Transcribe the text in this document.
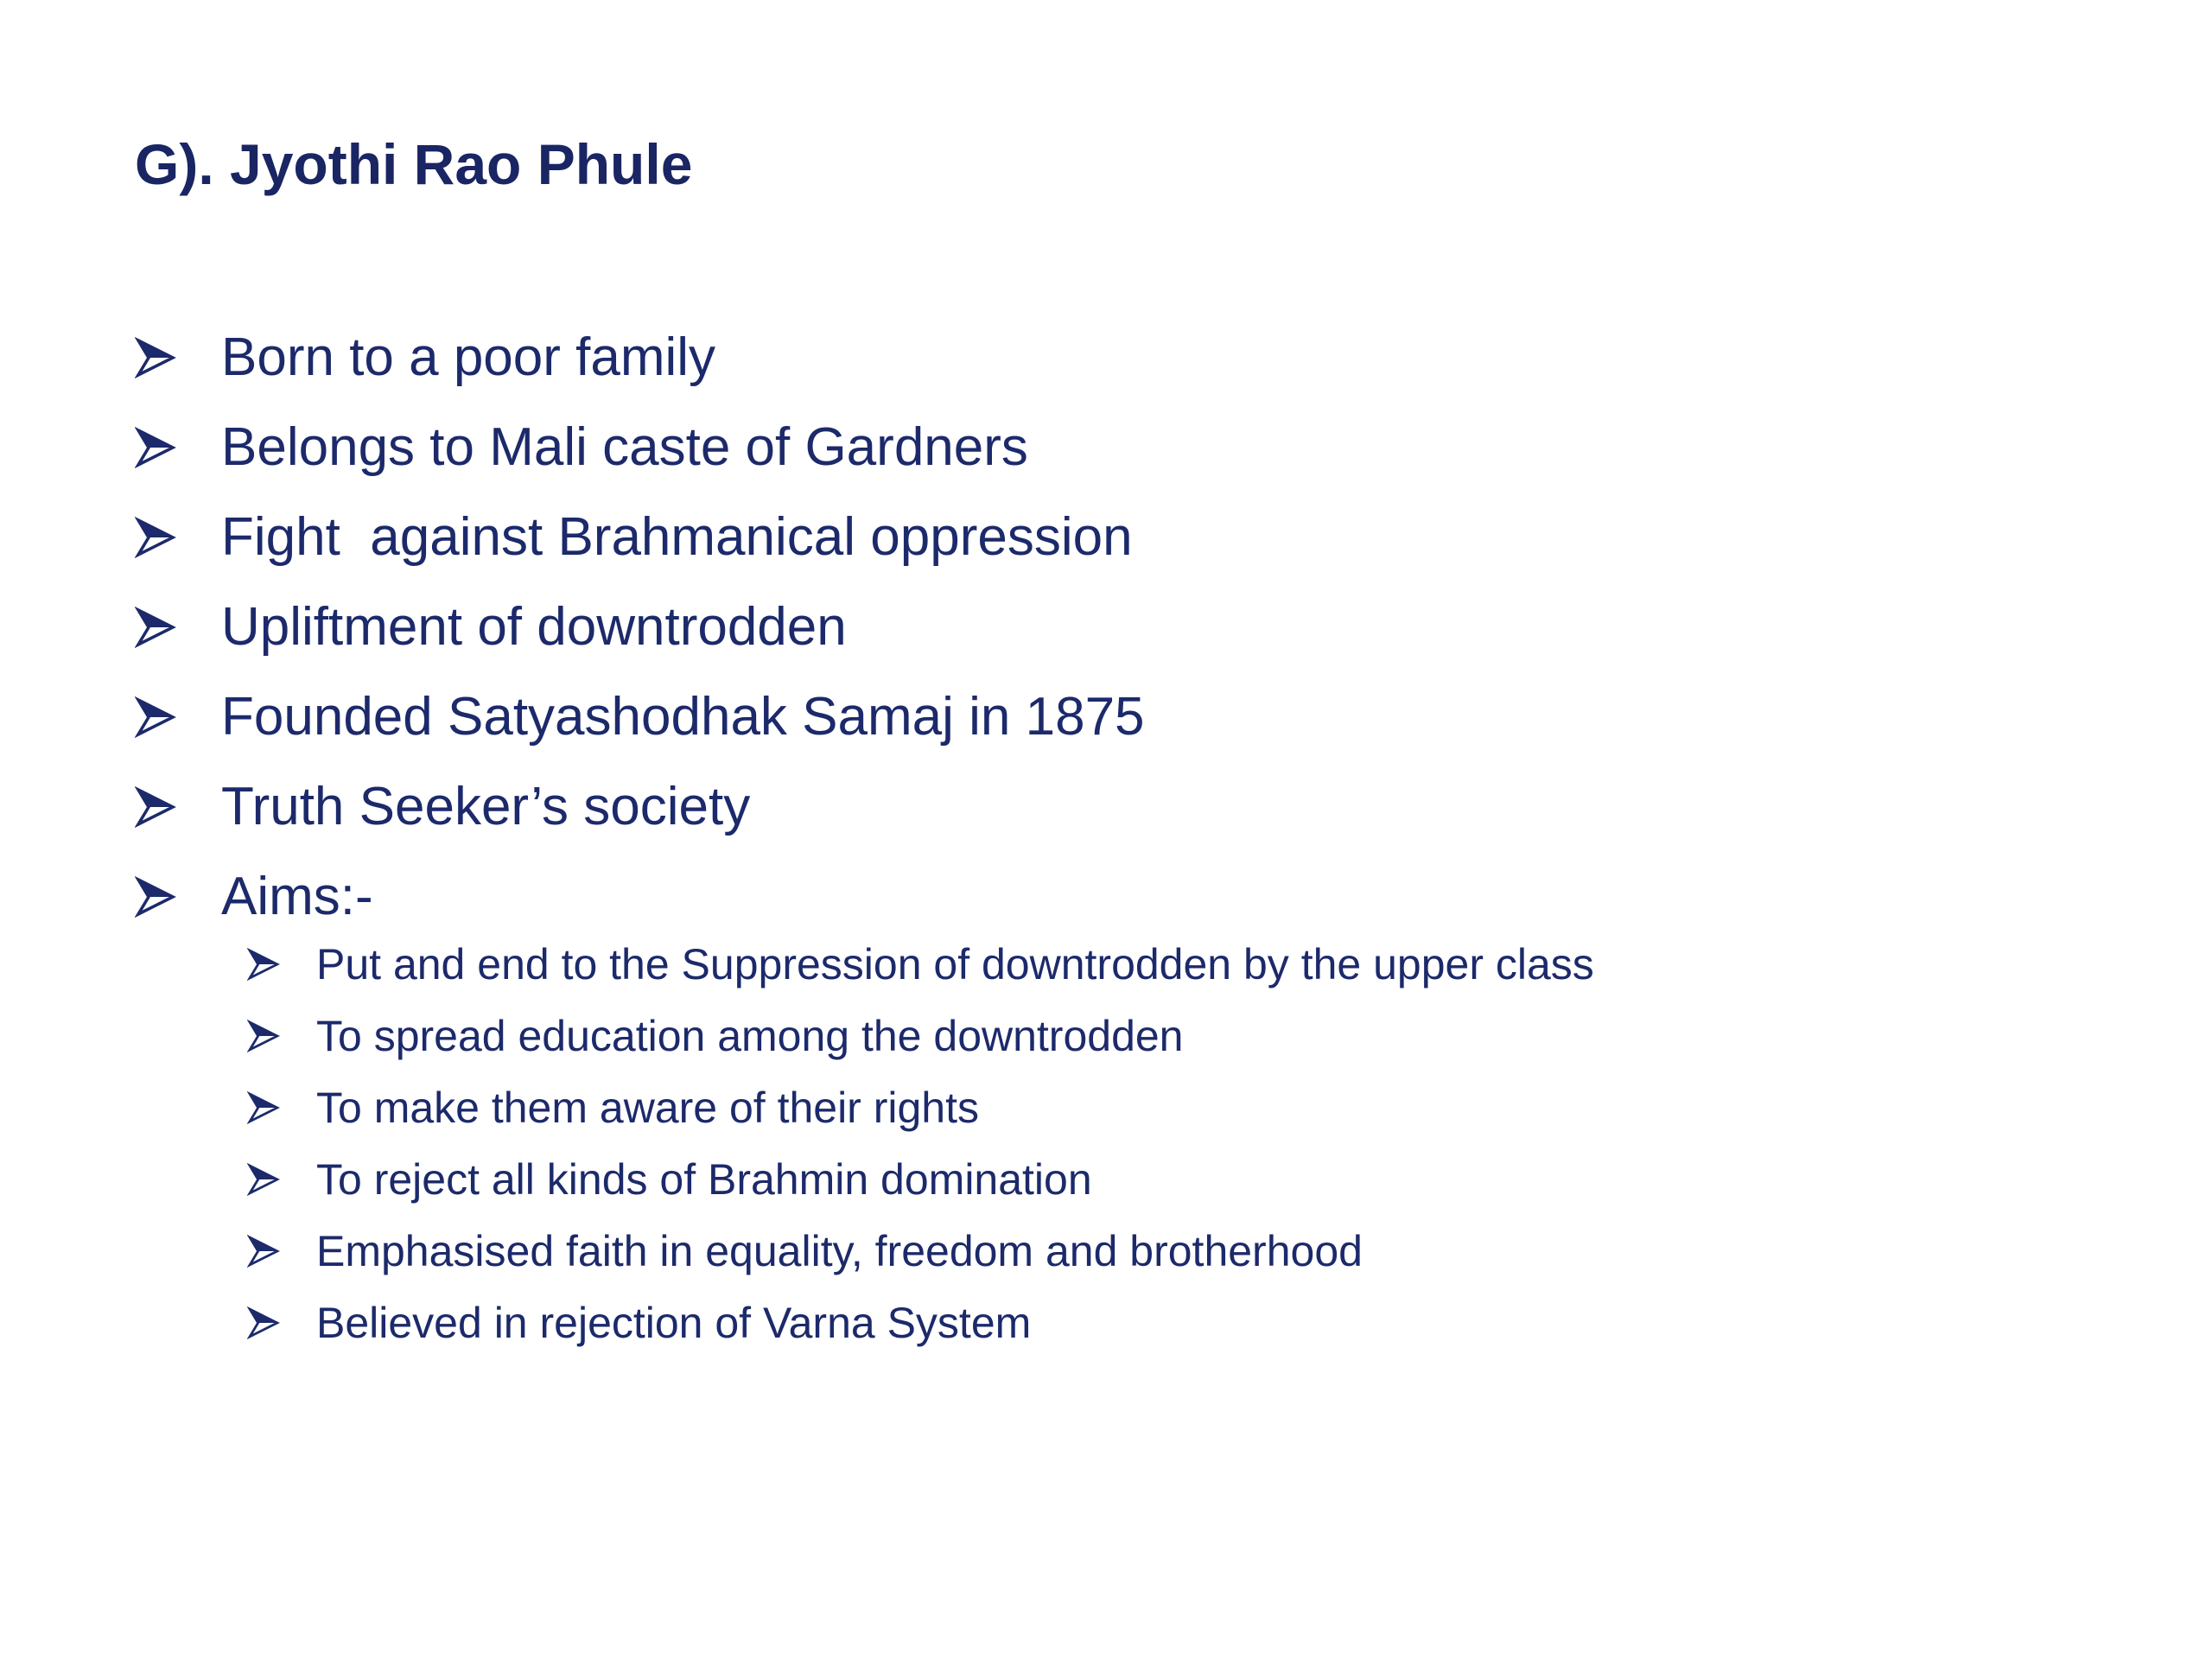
G). Jyothi Rao Phule
Born to a poor family
Belongs to Mali caste of Gardners
Fight  against Brahmanical oppression
Upliftment of downtrodden
Founded Satyashodhak Samaj in 1875
Truth Seeker’s society
Aims:-
Put and end to the Suppression of downtrodden by the upper class
To spread education among the downtrodden
To make them aware of their rights
To reject all kinds of Brahmin domination
Emphasised faith in equality, freedom and brotherhood
Believed in rejection of Varna System
